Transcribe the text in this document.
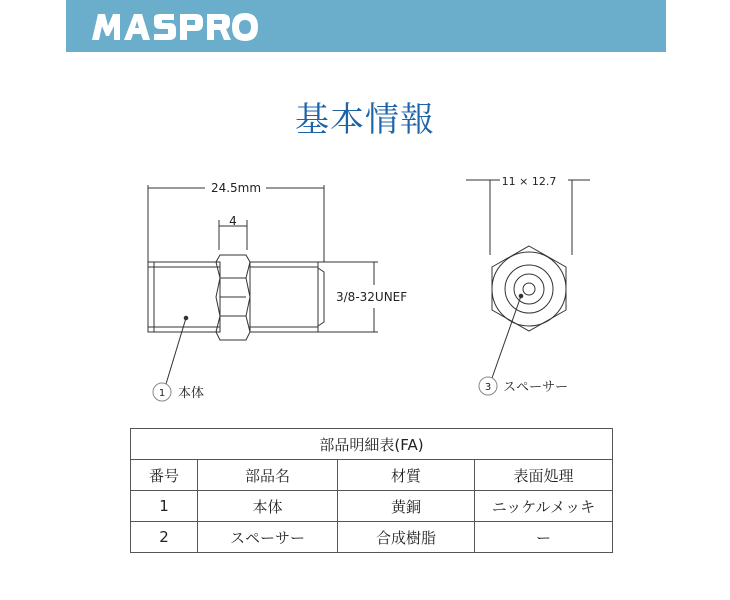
基本情報
24.5mm
4
3/8-32UNEF
11 × 12.7
1 本体	3 スペーサー
部品明細表(FA)			
番号	部品名	材質	表面処理
1	本体	黄銅	ニッケルメッキ
2	スペーサー	合成樹脂	ー
